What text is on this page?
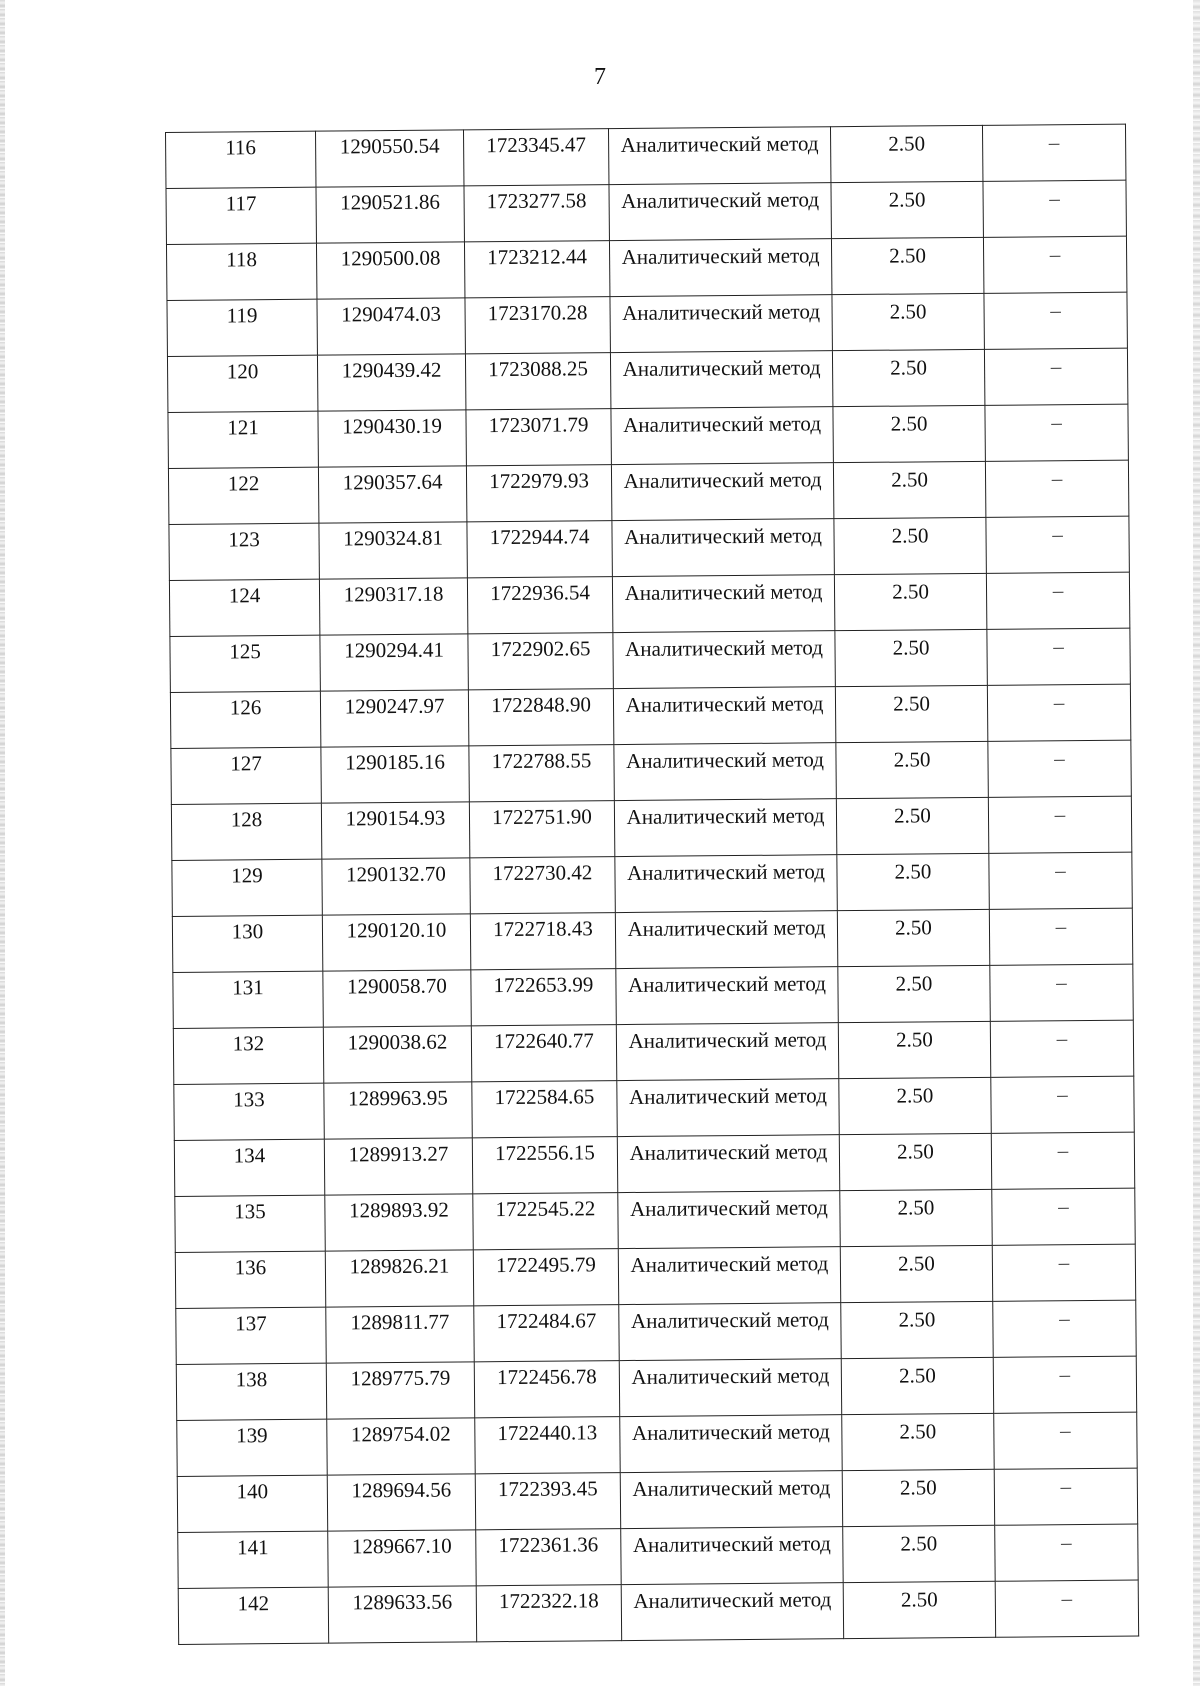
7
116	1290550.54	1723345.47	Аналитический метод	2.50	–
117	1290521.86	1723277.58	Аналитический метод	2.50	–
118	1290500.08	1723212.44	Аналитический метод	2.50	–
119	1290474.03	1723170.28	Аналитический метод	2.50	–
120	1290439.42	1723088.25	Аналитический метод	2.50	–
121	1290430.19	1723071.79	Аналитический метод	2.50	–
122	1290357.64	1722979.93	Аналитический метод	2.50	–
123	1290324.81	1722944.74	Аналитический метод	2.50	–
124	1290317.18	1722936.54	Аналитический метод	2.50	–
125	1290294.41	1722902.65	Аналитический метод	2.50	–
126	1290247.97	1722848.90	Аналитический метод	2.50	–
127	1290185.16	1722788.55	Аналитический метод	2.50	–
128	1290154.93	1722751.90	Аналитический метод	2.50	–
129	1290132.70	1722730.42	Аналитический метод	2.50	–
130	1290120.10	1722718.43	Аналитический метод	2.50	–
131	1290058.70	1722653.99	Аналитический метод	2.50	–
132	1290038.62	1722640.77	Аналитический метод	2.50	–
133	1289963.95	1722584.65	Аналитический метод	2.50	–
134	1289913.27	1722556.15	Аналитический метод	2.50	–
135	1289893.92	1722545.22	Аналитический метод	2.50	–
136	1289826.21	1722495.79	Аналитический метод	2.50	–
137	1289811.77	1722484.67	Аналитический метод	2.50	–
138	1289775.79	1722456.78	Аналитический метод	2.50	–
139	1289754.02	1722440.13	Аналитический метод	2.50	–
140	1289694.56	1722393.45	Аналитический метод	2.50	–
141	1289667.10	1722361.36	Аналитический метод	2.50	–
142	1289633.56	1722322.18	Аналитический метод	2.50	–
